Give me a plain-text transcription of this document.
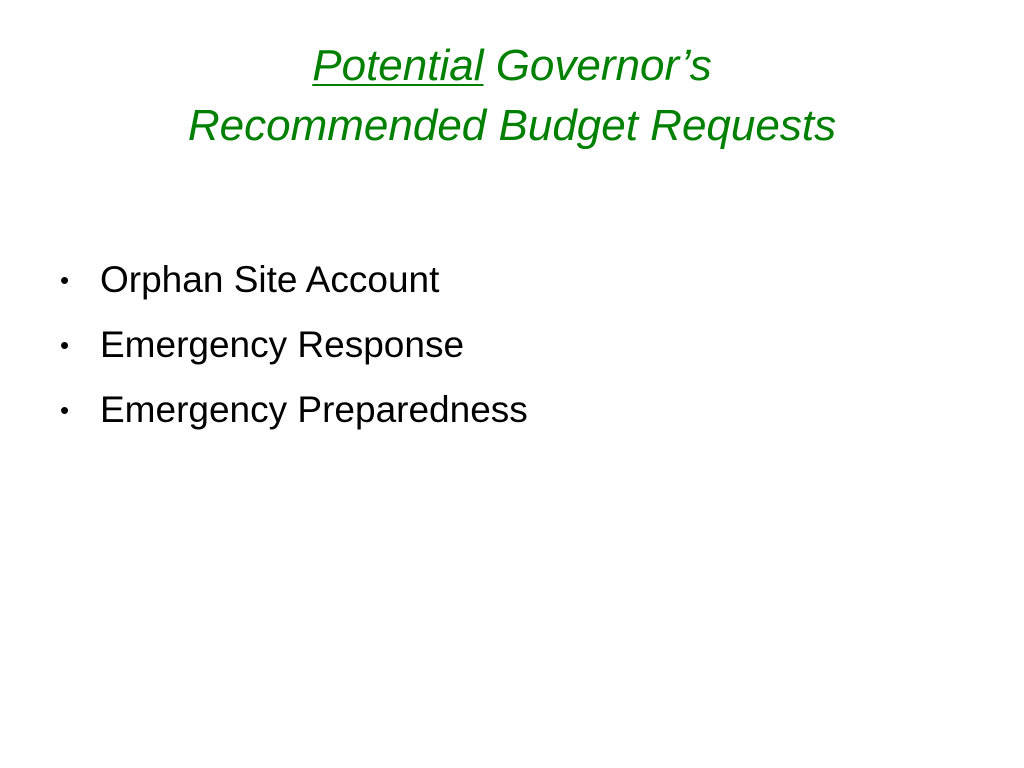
Potential Governor’s
Recommended Budget Requests
• Orphan Site Account
• Emergency Response
• Emergency Preparedness
